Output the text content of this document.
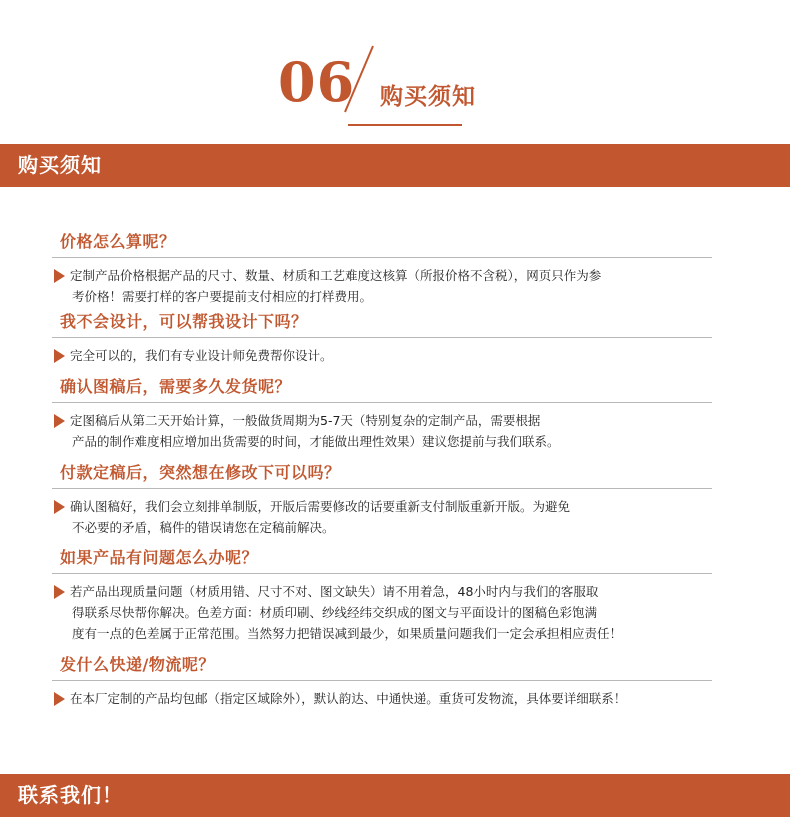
06 购买须知
购买须知
价格怎么算呢？
定制产品价格根据产品的尺寸、数量、材质和工艺难度这核算（所报价格不含税），网页只作为参
考价格！需要打样的客户要提前支付相应的打样费用。
我不会设计，可以帮我设计下吗？
完全可以的，我们有专业设计师免费帮你设计。
确认图稿后，需要多久发货呢？
定图稿后从第二天开始计算，一般做货周期为5-7天（特别复杂的定制产品，需要根据
产品的制作难度相应增加出货需要的时间，才能做出理性效果）建议您提前与我们联系。
付款定稿后，突然想在修改下可以吗？
确认图稿好，我们会立刻排单制版，开版后需要修改的话要重新支付制版重新开版。为避免
不必要的矛盾，稿件的错误请您在定稿前解决。
如果产品有问题怎么办呢？
若产品出现质量问题（材质用错、尺寸不对、图文缺失）请不用着急，48小时内与我们的客服取
得联系尽快帮你解决。色差方面：材质印刷、纱线经纬交织成的图文与平面设计的图稿色彩饱满
度有一点的色差属于正常范围。当然努力把错误减到最少，如果质量问题我们一定会承担相应责任！
发什么快递/物流呢？
在本厂定制的产品均包邮（指定区域除外），默认韵达、中通快递。重货可发物流，具体要详细联系！
联系我们！
